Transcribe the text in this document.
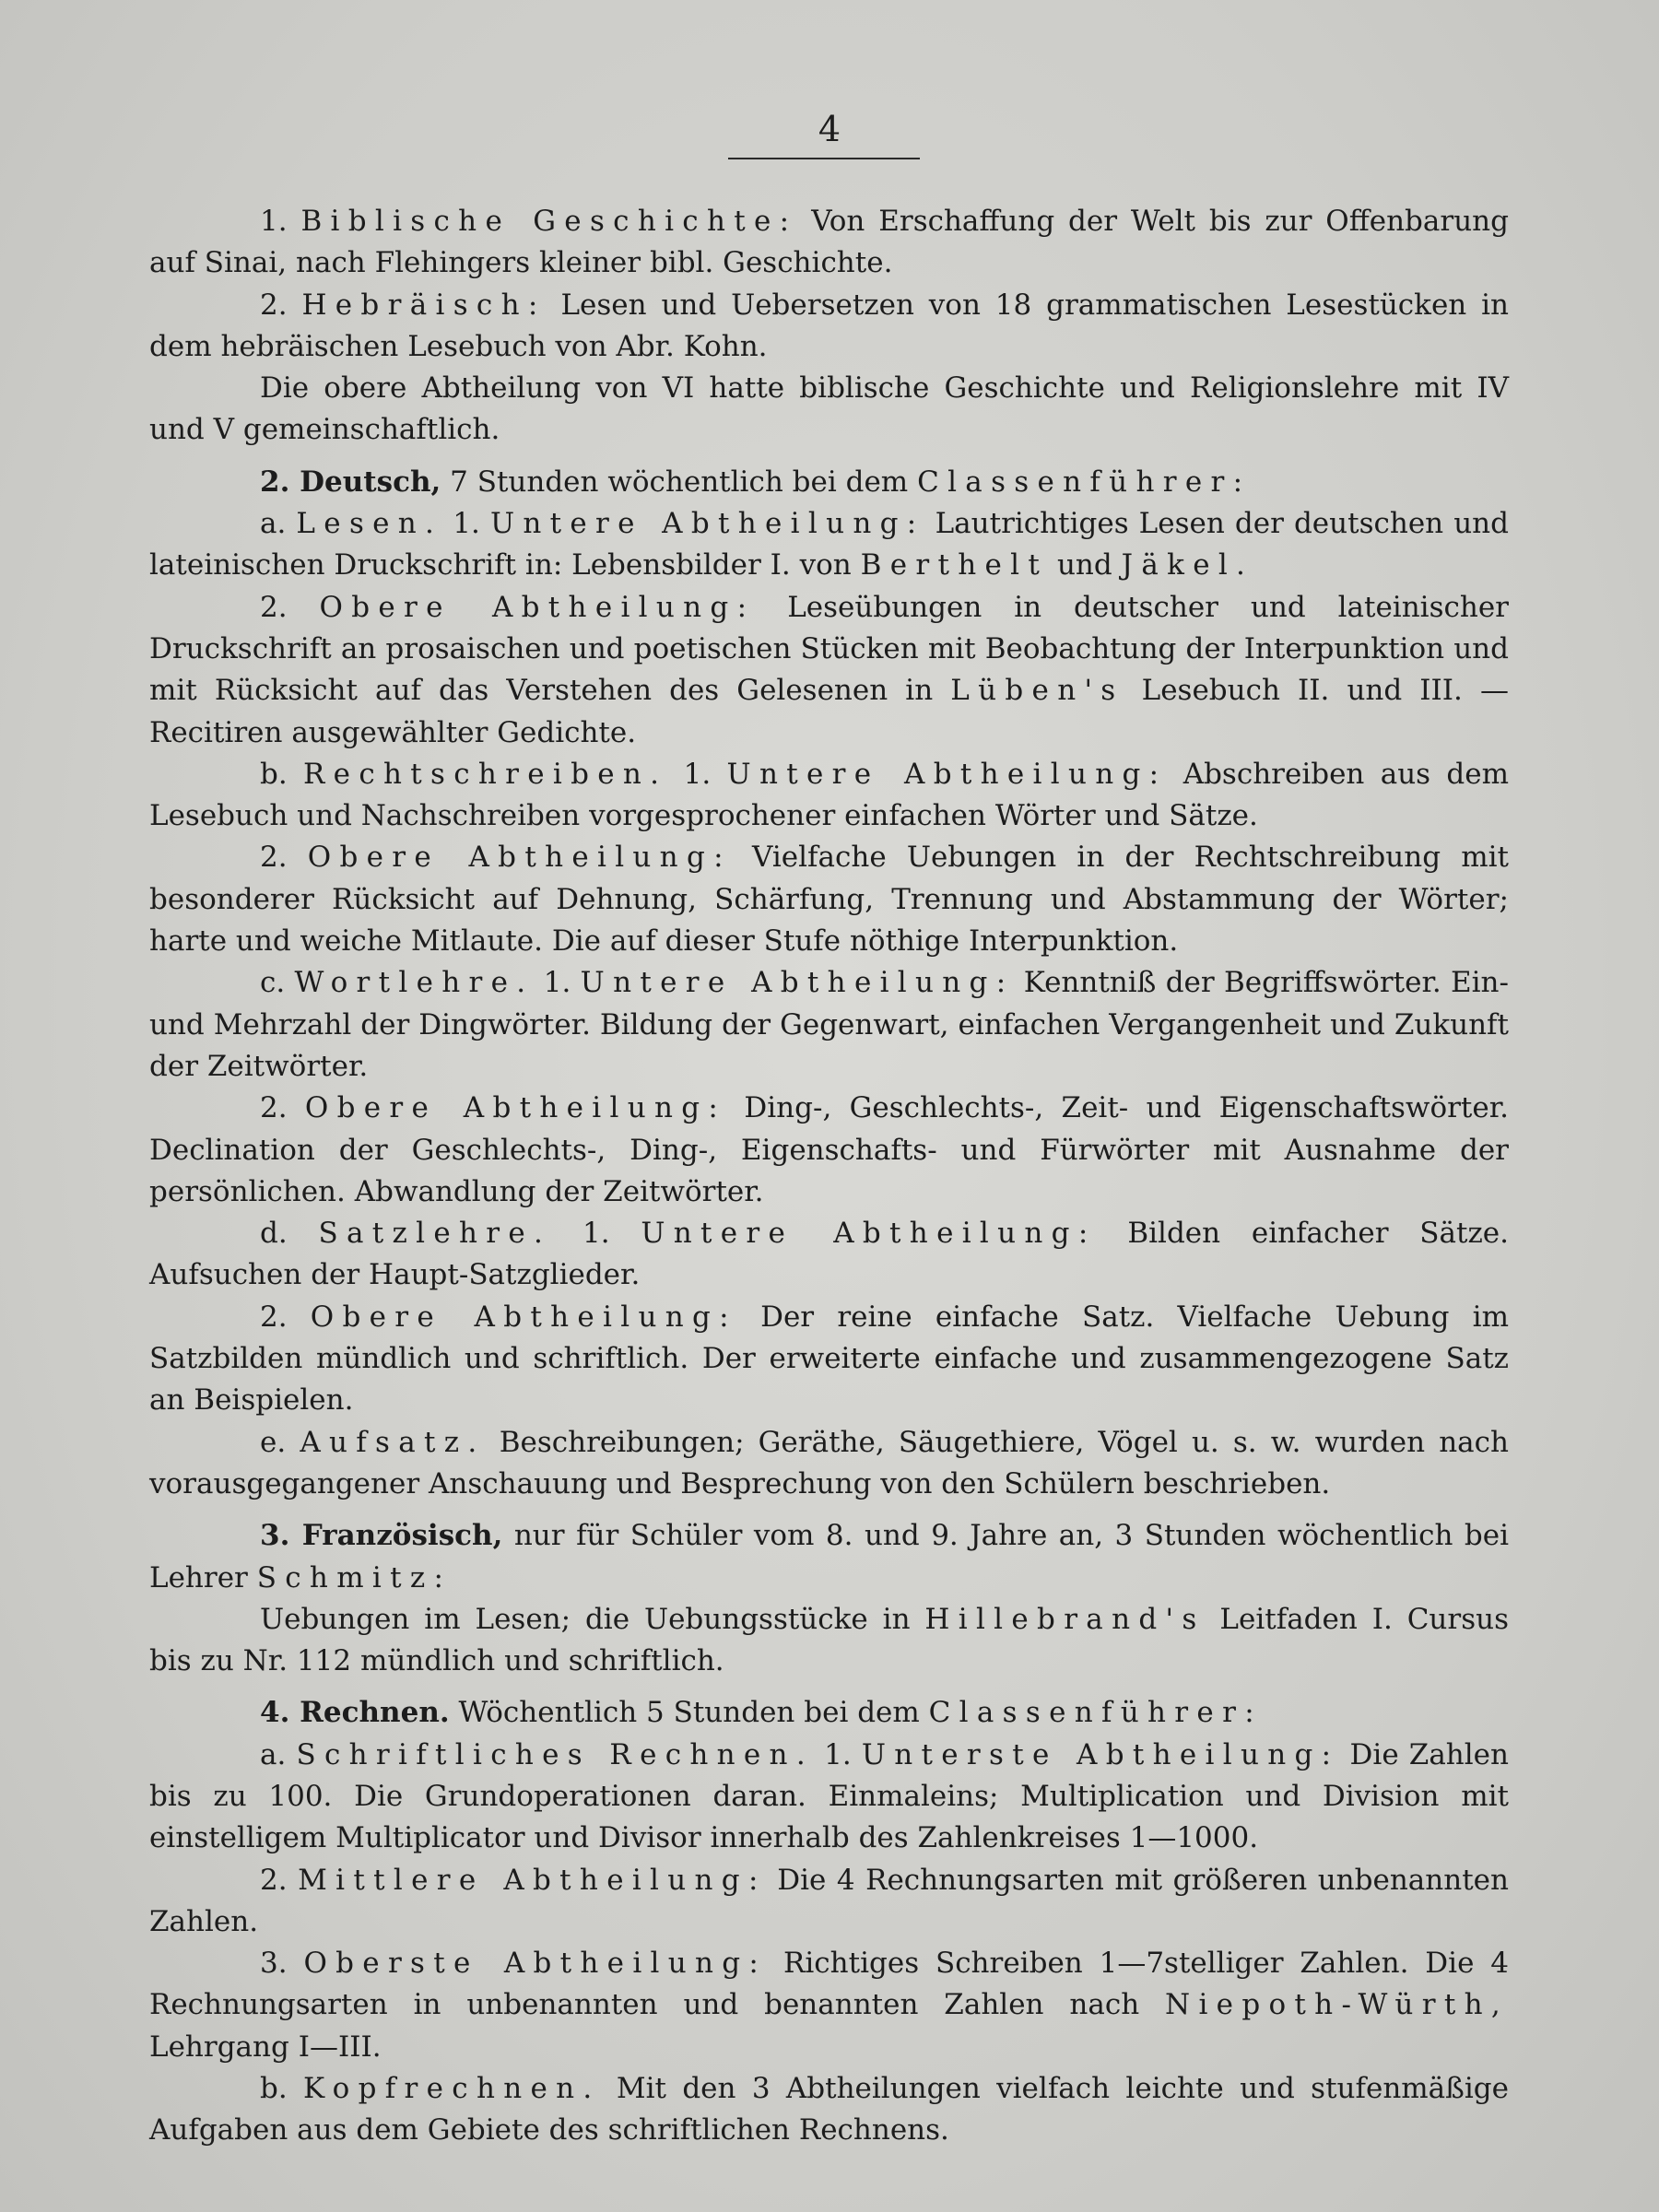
4

1. Biblische Geschichte: Von Erschaffung der Welt bis zur Offenbarung auf Sinai, nach Flehingers kleiner bibl. Geschichte.

2. Hebräisch: Lesen und Uebersetzen von 18 grammatischen Lesestücken in dem hebräischen Lesebuch von Abr. Kohn.

Die obere Abtheilung von VI hatte biblische Geschichte und Religionslehre mit IV und V gemeinschaftlich.

2. Deutsch, 7 Stunden wöchentlich bei dem Classenführer:

a. Lesen. 1. Untere Abtheilung: Lautrichtiges Lesen der deutschen und lateinischen Druckschrift in: Lebensbilder I. von Berthelt und Jäkel.

2. Obere Abtheilung: Leseübungen in deutscher und lateinischer Druckschrift an prosaischen und poetischen Stücken mit Beobachtung der Interpunktion und mit Rücksicht auf das Verstehen des Gelesenen in Lüben's Lesebuch II. und III. — Recitiren ausgewählter Gedichte.

b. Rechtschreiben. 1. Untere Abtheilung: Abschreiben aus dem Lesebuch und Nachschreiben vorgesprochener einfachen Wörter und Sätze.

2. Obere Abtheilung: Vielfache Uebungen in der Rechtschreibung mit besonderer Rücksicht auf Dehnung, Schärfung, Trennung und Abstammung der Wörter; harte und weiche Mitlaute. Die auf dieser Stufe nöthige Interpunktion.

c. Wortlehre. 1. Untere Abtheilung: Kenntniß der Begriffswörter. Ein- und Mehrzahl der Dingwörter. Bildung der Gegenwart, einfachen Vergangenheit und Zukunft der Zeitwörter.

2. Obere Abtheilung: Ding-, Geschlechts-, Zeit- und Eigenschaftswörter. Declination der Geschlechts-, Ding-, Eigenschafts- und Fürwörter mit Ausnahme der persönlichen. Abwandlung der Zeitwörter.

d. Satzlehre. 1. Untere Abtheilung: Bilden einfacher Sätze. Aufsuchen der Haupt-Satzglieder.

2. Obere Abtheilung: Der reine einfache Satz. Vielfache Uebung im Satzbilden mündlich und schriftlich. Der erweiterte einfache und zusammengezogene Satz an Beispielen.

e. Aufsatz. Beschreibungen; Geräthe, Säugethiere, Vögel u. s. w. wurden nach vorausgegangener Anschauung und Besprechung von den Schülern beschrieben.

3. Französisch, nur für Schüler vom 8. und 9. Jahre an, 3 Stunden wöchentlich bei Lehrer Schmitz:

Uebungen im Lesen; die Uebungsstücke in Hillebrand's Leitfaden I. Cursus bis zu Nr. 112 mündlich und schriftlich.

4. Rechnen. Wöchentlich 5 Stunden bei dem Classenführer:

a. Schriftliches Rechnen. 1. Unterste Abtheilung: Die Zahlen bis zu 100. Die Grundoperationen daran. Einmaleins; Multiplication und Division mit einstelligem Multiplicator und Divisor innerhalb des Zahlenkreises 1—1000.

2. Mittlere Abtheilung: Die 4 Rechnungsarten mit größeren unbenannten Zahlen.

3. Oberste Abtheilung: Richtiges Schreiben 1—7stelliger Zahlen. Die 4 Rechnungsarten in unbenannten und benannten Zahlen nach Niepoth-Würth, Lehrgang I—III.

b. Kopfrechnen. Mit den 3 Abtheilungen vielfach leichte und stufenmäßige Aufgaben aus dem Gebiete des schriftlichen Rechnens.
